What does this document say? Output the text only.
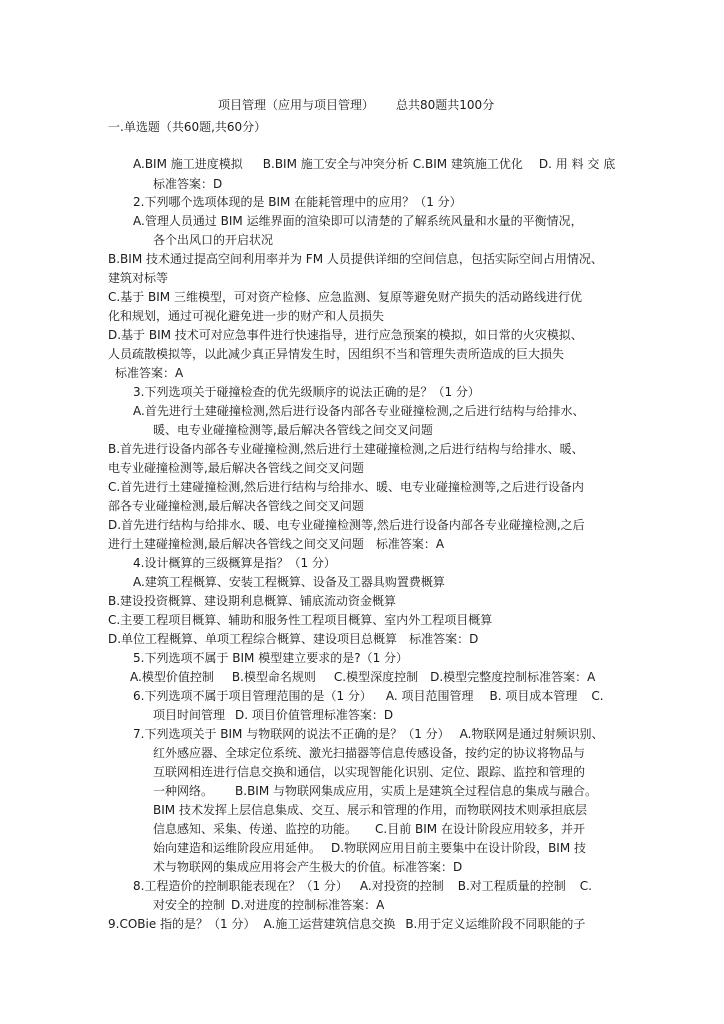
项目管理（应用与项目管理） 总共80题共100分
一.单选题（共60题,共60分）
A.BIM 施工进度模拟 B.BIM 施工安全与冲突分析 C.BIM 建筑施工优化 D. 用 料 交 底
标准答案：D
2.下列哪个选项体现的是 BIM 在能耗管理中的应用？（1 分）
A.管理人员通过 BIM 运维界面的渲染即可以清楚的了解系统风量和水量的平衡情况，
各个出风口的开启状况
B.BIM 技术通过提高空间利用率并为 FM 人员提供详细的空间信息，包括实际空间占用情况、
建筑对标等
C.基于 BIM 三维模型，可对资产检修、应急监测、复原等避免财产损失的活动路线进行优
化和规划，通过可视化避免进一步的财产和人员损失
D.基于 BIM 技术可对应急事件进行快速指导，进行应急预案的模拟，如日常的火灾模拟、
人员疏散模拟等，以此减少真正异情发生时，因组织不当和管理失责所造成的巨大损失
标准答案：A
3.下列选项关于碰撞检查的优先级顺序的说法正确的是？（1 分）
A.首先进行土建碰撞检测,然后进行设备内部各专业碰撞检测,之后进行结构与给排水、
暖、电专业碰撞检测等,最后解决各管线之间交叉问题
B.首先进行设备内部各专业碰撞检测,然后进行土建碰撞检测,之后进行结构与给排水、暖、
电专业碰撞检测等,最后解决各管线之间交叉问题
C.首先进行土建碰撞检测,然后进行结构与给排水、暖、电专业碰撞检测等,之后进行设备内
部各专业碰撞检测,最后解决各管线之间交叉问题
D.首先进行结构与给排水、暖、电专业碰撞检测等,然后进行设备内部各专业碰撞检测,之后
进行土建碰撞检测,最后解决各管线之间交叉问题 标准答案：A
4.设计概算的三级概算是指？（1 分）
A.建筑工程概算、安装工程概算、设备及工器具购置费概算
B.建设投资概算、建设期利息概算、铺底流动资金概算
C.主要工程项目概算、辅助和服务性工程项目概算、室内外工程项目概算
D.单位工程概算、单项工程综合概算、建设项目总概算 标准答案：D
5.下列选项不属于 BIM 模型建立要求的是?（1 分）
A.模型价值控制 B.模型命名规则 C.模型深度控制 D.模型完整度控制标准答案：A
6.下列选项不属于项目管理范围的是（1 分） A. 项目范围管理 B. 项目成本管理 C.
项目时间管理 D. 项目价值管理标准答案：D
7.下列选项关于 BIM 与物联网的说法不正确的是？（1 分） A.物联网是通过射频识别、
红外感应器、全球定位系统、激光扫描器等信息传感设备，按约定的协议将物品与
互联网相连进行信息交换和通信，以实现智能化识别、定位、跟踪、监控和管理的
一种网络。 B.BIM 与物联网集成应用，实质上是建筑全过程信息的集成与融合。
BIM 技术发挥上层信息集成、交互、展示和管理的作用，而物联网技术则承担底层
信息感知、采集、传递、监控的功能。 C.目前 BIM 在设计阶段应用较多，并开
始向建造和运维阶段应用延伸。 D.物联网应用目前主要集中在设计阶段，BIM 技
术与物联网的集成应用将会产生极大的价值。标准答案：D
8.工程造价的控制职能表现在？（1 分） A.对投资的控制 B.对工程质量的控制 C.
对安全的控制 D.对进度的控制标准答案：A
9.COBie 指的是？（1 分） A.施工运营建筑信息交换 B.用于定义运维阶段不同职能的子
